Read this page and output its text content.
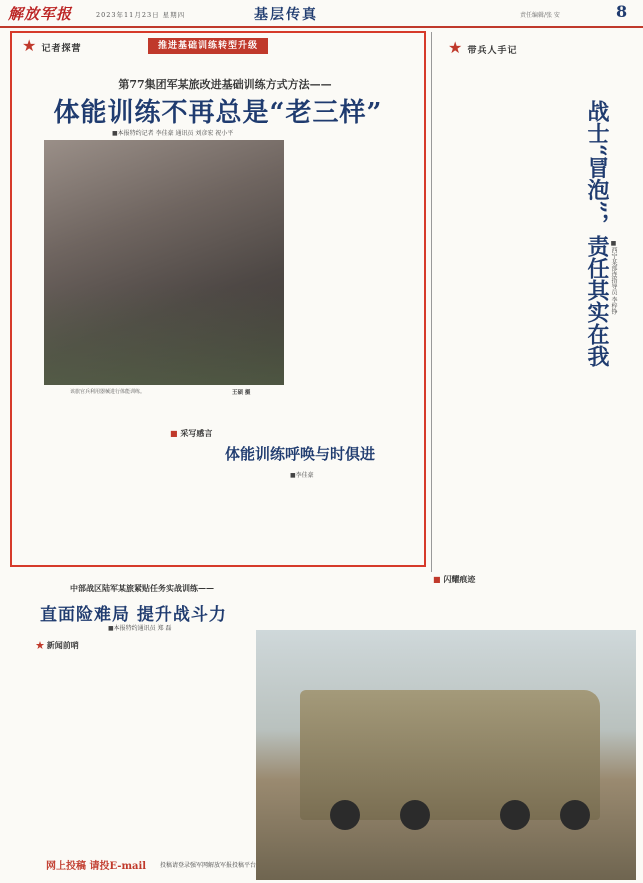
解放军报	2023年11月23日 星期四	基层传真	责任编辑/张 安	8
★ 记者探营	推进基础训练转型升级
第77集团军某旅改进基础训练方式方法——
体能训练不再总是“老三样”
■本报特约记者 李佳豪 通讯员 刘彦宏 祝小平
该旅官兵利用器械进行体能训练。	王硕 摄
■ 采写感言
体能训练呼唤与时俱进
■李佳豪
★ 带兵人手记
战士“冒泡”，责任其实在我 ■西宁某部连指导员 李梓铮
■ 闪耀痕迹
中部战区陆军某旅紧贴任务实战训练——
直面险难局 提升战斗力
■本报特约通讯员 郑 磊
★ 新闻前哨
网上投稿 请投E-mail 投稿请登录强军网解放军报投稿平台
